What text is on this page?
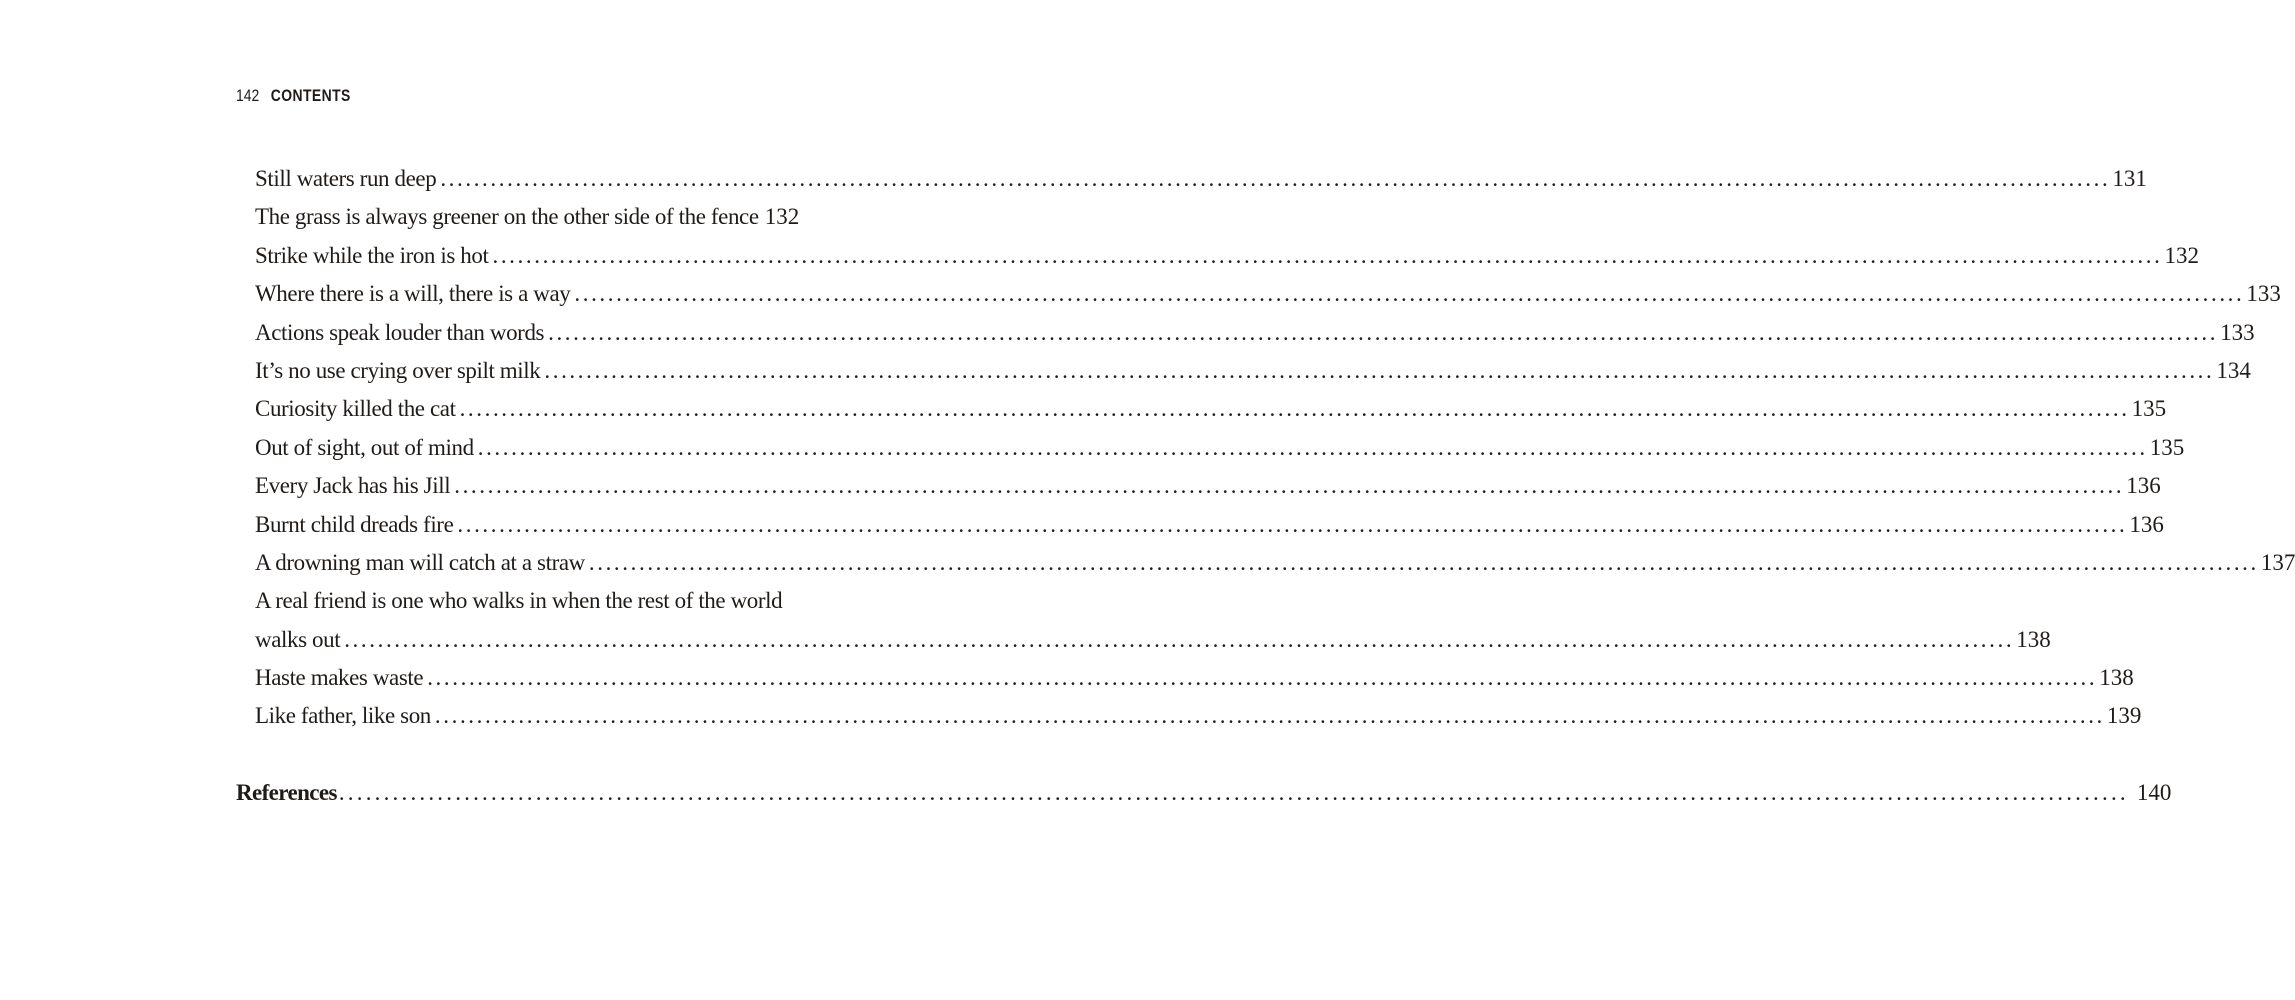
142 CONTENTS
Still waters run deep ........................................................................................................................................................................................................ 131
The grass is always greener on the other side of the fence 132
Strike while the iron is hot ........................................................................................................................................................................................................ 132
Where there is a will, there is a way ........................................................................................................................................................................................................ 133
Actions speak louder than words ........................................................................................................................................................................................................ 133
It’s no use crying over spilt milk ........................................................................................................................................................................................................ 134
Curiosity killed the cat ........................................................................................................................................................................................................ 135
Out of sight, out of mind ........................................................................................................................................................................................................ 135
Every Jack has his Jill ........................................................................................................................................................................................................ 136
Burnt child dreads fire ........................................................................................................................................................................................................ 136
A drowning man will catch at a straw ........................................................................................................................................................................................................ 137
A real friend is one who walks in when the rest of the world
walks out ........................................................................................................................................................................................................ 138
Haste makes waste ........................................................................................................................................................................................................ 138
Like father, like son ........................................................................................................................................................................................................ 139
References ........................................................................................................................................................................................................ 140
